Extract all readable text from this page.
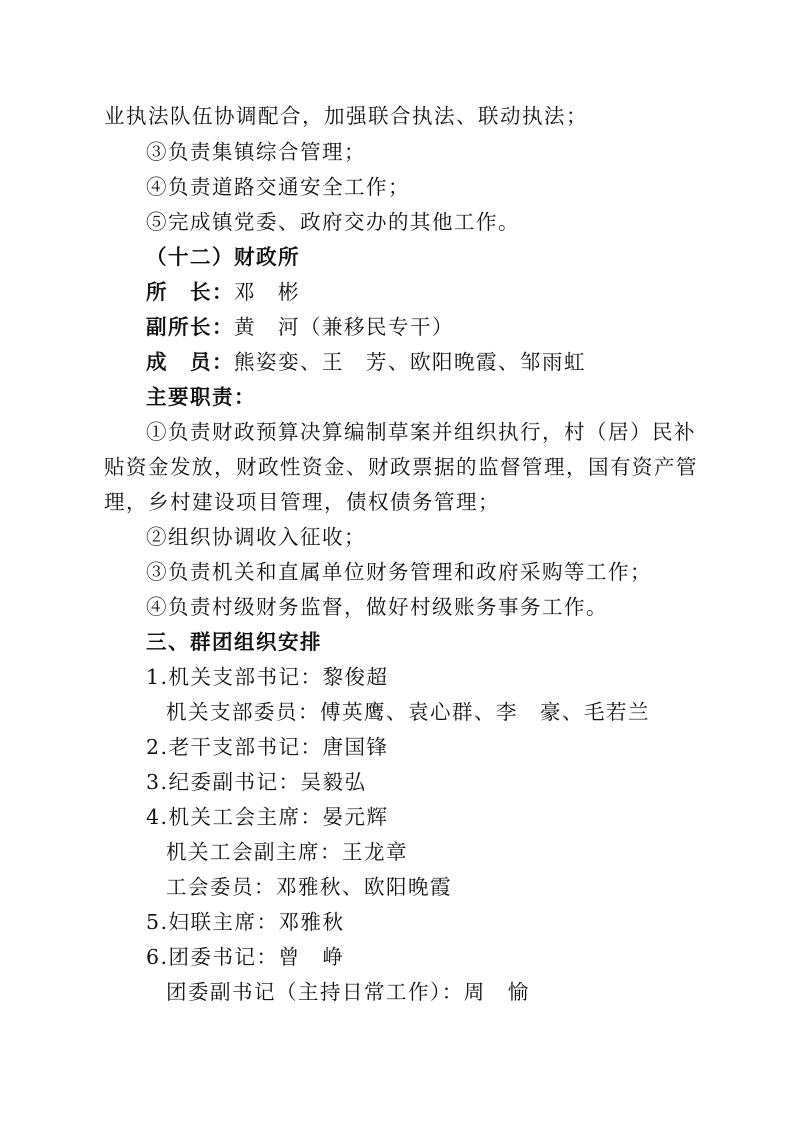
业执法队伍协调配合，加强联合执法、联动执法；
③负责集镇综合管理；
④负责道路交通安全工作；
⑤完成镇党委、政府交办的其他工作。
（十二）财政所
所　长：邓　彬
副所长：黄　河（兼移民专干）
成　员：熊姿娈、王　芳、欧阳晚霞、邹雨虹
主要职责：
①负责财政预算决算编制草案并组织执行，村（居）民补
贴资金发放，财政性资金、财政票据的监督管理，国有资产管
理，乡村建设项目管理，债权债务管理；
②组织协调收入征收；
③负责机关和直属单位财务管理和政府采购等工作；
④负责村级财务监督，做好村级账务事务工作。
三、群团组织安排
1.机关支部书记：黎俊超
机关支部委员：傅英鹰、袁心群、李　豪、毛若兰
2.老干支部书记：唐国锋
3.纪委副书记：吴毅弘
4.机关工会主席：晏元辉
机关工会副主席：王龙章
工会委员：邓雅秋、欧阳晚霞
5.妇联主席：邓雅秋
6.团委书记：曾　峥
团委副书记（主持日常工作）：周　愉
